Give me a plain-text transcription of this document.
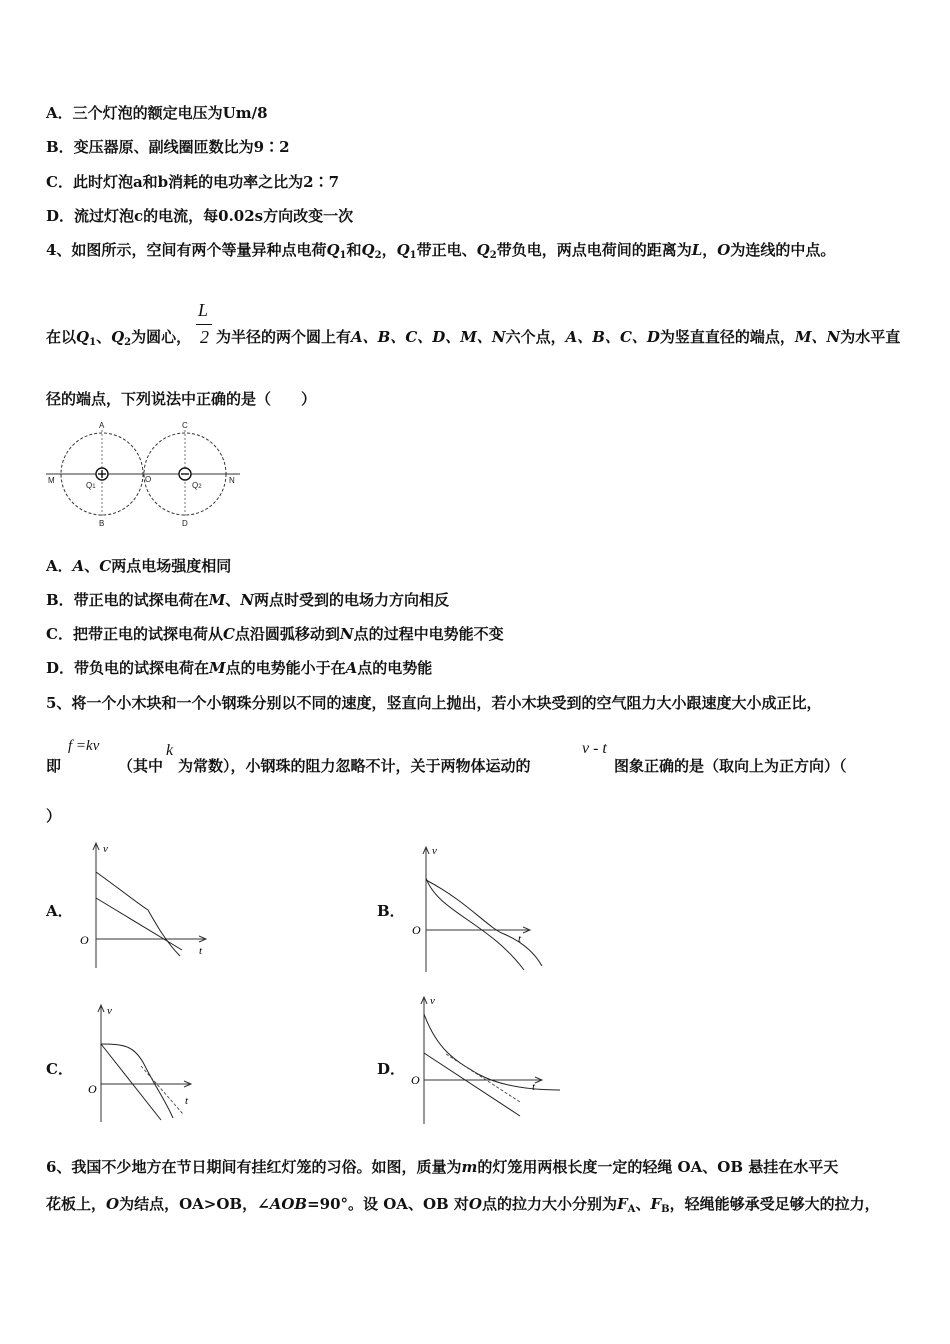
A．三个灯泡的额定电压为Um/8
B．变压器原、副线圈匝数比为9∶2
C．此时灯泡a和b消耗的电功率之比为2∶7
D．流过灯泡c的电流，每0.02s方向改变一次
4、如图所示，空间有两个等量异种点电荷$Q_1$和$Q_2$，$Q_1$带正电、$Q_2$带负电，两点电荷间的距离为L，O为连线的中点。
L
2
在以$Q_1$、$Q_2$为圆心， 为半径的两个圆上有A、B、C、D、M、N六个点，A、B、C、D为竖直直径的端点，M、N为水平直
径的端点，下列说法中正确的是（　　）
A
B
C
D
M	N
O
Q1	Q2
A．A、C两点电场强度相同
B．带正电的试探电荷在M、N两点时受到的电场力方向相反
C．把带正电的试探电荷从C点沿圆弧移动到N点的过程中电势能不变
D．带负电的试探电荷在M点的电势能小于在A点的电势能
5、将一个小木块和一个小钢珠分别以不同的速度，竖直向上抛出，若小木块受到的空气阻力大小跟速度大小成正比，
即
f =kv
（其中
k
为常数），小钢珠的阻力忽略不计，关于两物体运动的
v - t
图象正确的是（取向上为正方向）（
）
A．
v
t
O
B．
v
t
O
C．
v
t
O
D．
v
t
O
6、我国不少地方在节日期间有挂红灯笼的习俗。如图，质量为m的灯笼用两根长度一定的轻绳 OA、OB 悬挂在水平天
花板上，O为结点，OA>OB，∠AOB=90°。设 OA、OB 对O点的拉力大小分别为$F_A$、$F_B$，轻绳能够承受足够大的拉力，
